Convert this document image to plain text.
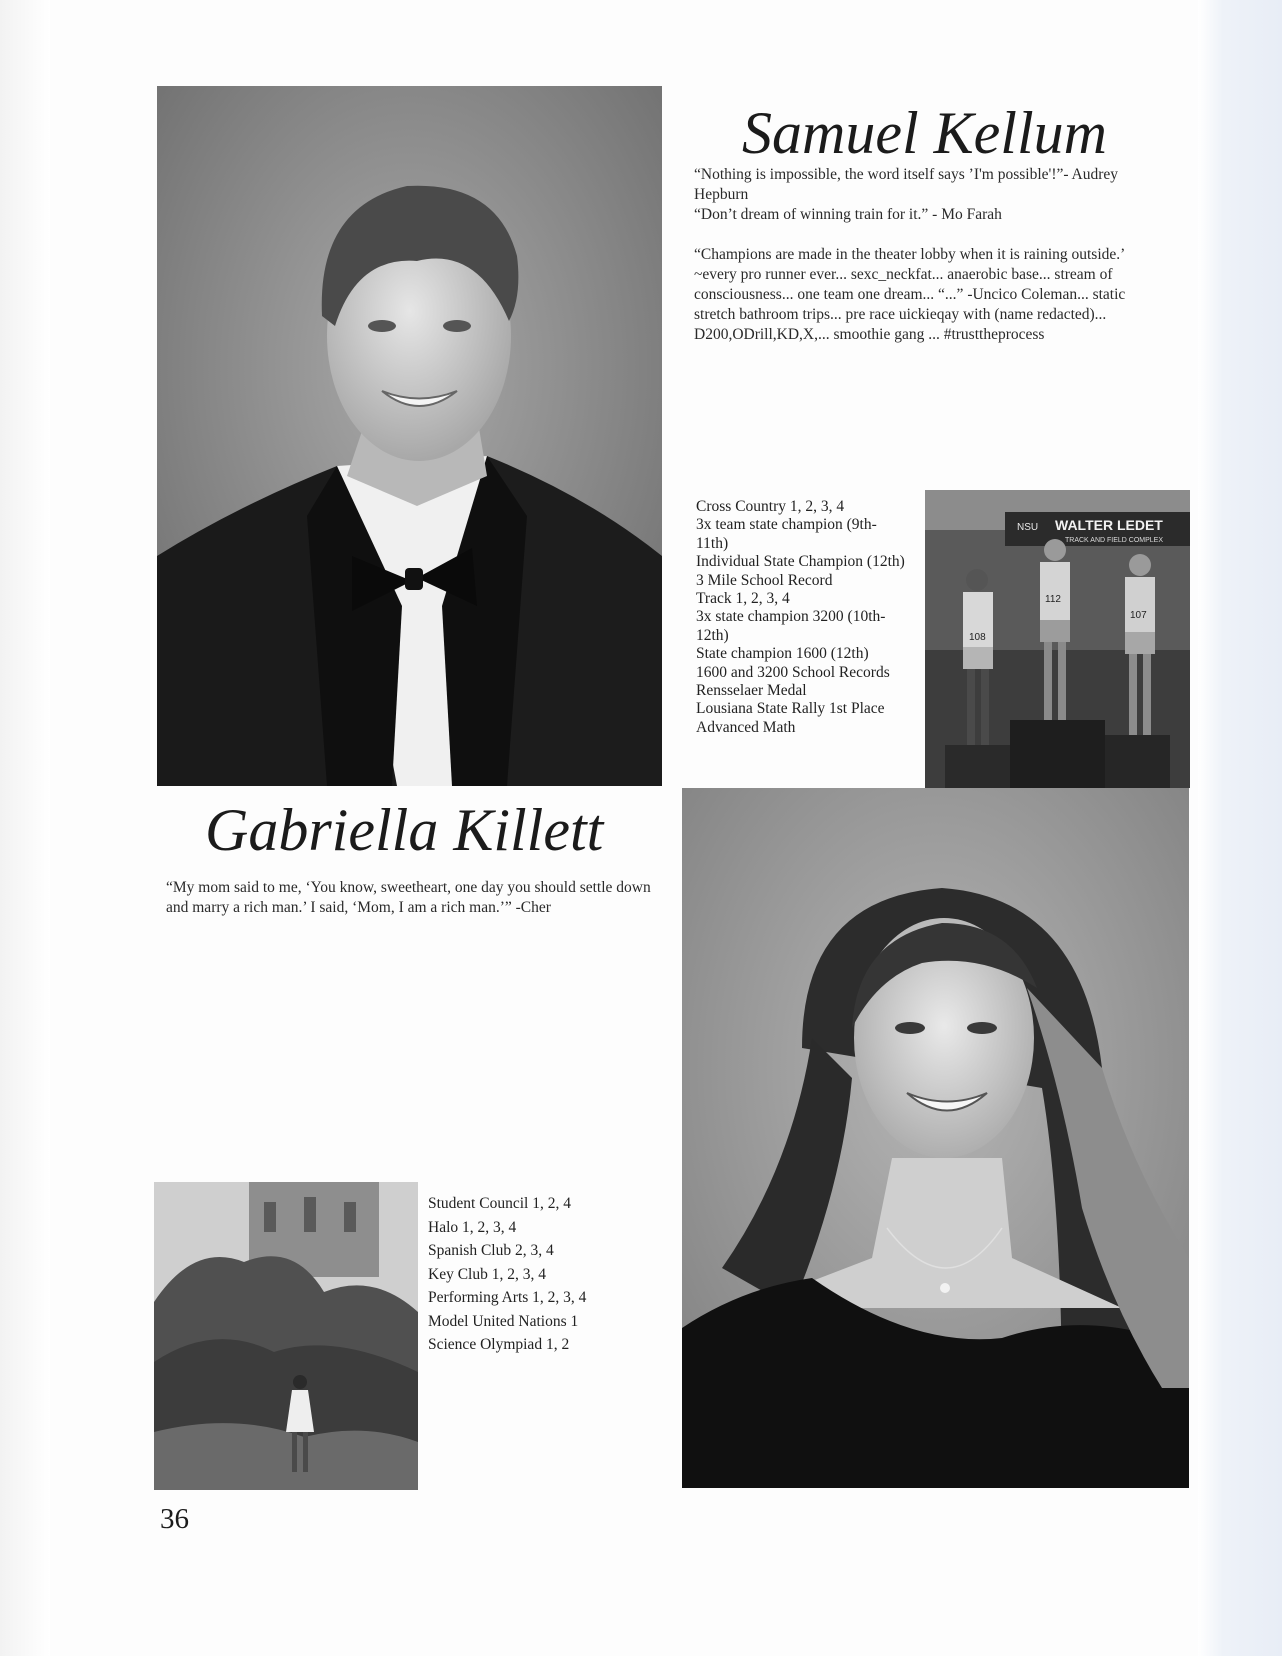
Samuel Kellum

“Nothing is impossible, the word itself says ’I'm possible'!”- Audrey Hepburn

“Don’t dream of winning train for it.” - Mo Farah

“Champions are made in the theater lobby when it is raining outside.’ ~every pro runner ever... sexc_neckfat... anaerobic base... stream of consciousness... one team one dream... “...” -Uncico Coleman... static stretch bathroom trips... pre race uickieqay with (name redacted)... D200,ODrill,KD,X,... smoothie gang ... #trusttheprocess

Cross Country 1, 2, 3, 4
3x team state champion (9th-11th)
Individual State Champion (12th)
3 Mile School Record
Track 1, 2, 3, 4
3x state champion 3200 (10th-12th)
State champion 1600 (12th)
1600 and 3200 School Records
Rensselaer Medal
Lousiana State Rally 1st Place
Advanced Math
NSU WALTER LEDET
TRACK AND FIELD COMPLEX
108
112
107
Gabriella Killett
“My mom said to me, ‘You know, sweetheart, one day you should settle down and marry a rich man.’ I said, ‘Mom, I am a rich man.’” -Cher
Student Council 1, 2, 4
Halo 1, 2, 3, 4
Spanish Club 2, 3, 4
Key Club 1, 2, 3, 4
Performing Arts 1, 2, 3, 4
Model United Nations 1
Science Olympiad 1, 2
36
